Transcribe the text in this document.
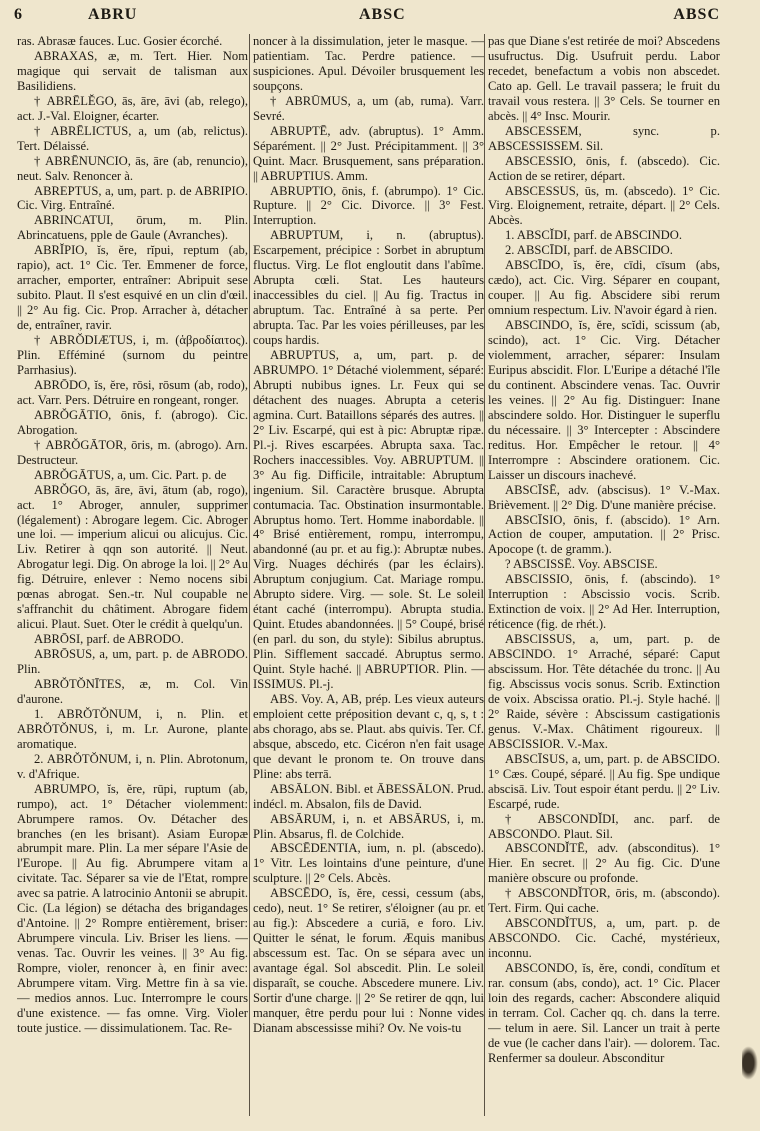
6	ABRU	ABSC	ABSC

ras. Abrasæ fauces. Luc. Gosier écorché.

ABRAXAS, æ, m. Tert. Hier. Nom magique qui servait de talisman aux Basilidiens.

† ABRĒLĔGO, ās, āre, āvi (ab, relego), act. J.-Val. Eloigner, écarter.

† ABRĒLICTUS, a, um (ab, relictus). Tert. Délaissé.

† ABRĒNUNCIO, ās, āre (ab, renuncio), neut. Salv. Renoncer à.

ABREPTUS, a, um, part. p. de ABRIPIO. Cic. Virg. Entraîné.

ABRINCATUI, ōrum, m. Plin. Abrincatuens, pple de Gaule (Avranches).

ABRĬPIO, ĭs, ĕre, rĭpui, reptum (ab, rapio), act. 1° Cic. Ter. Emmener de force, arracher, emporter, entraîner: Abripuit sese subito. Plaut. Il s'est esquivé en un clin d'œil. || 2° Au fig. Cic. Prop. Arracher à, détacher de, entraîner, ravir.

† ABRŎDIÆTUS, i, m. (ἁβροδίαιτος). Plin. Efféminé (surnom du peintre Parrhasius).

ABRŌDO, ĭs, ĕre, rōsi, rōsum (ab, rodo), act. Varr. Pers. Détruire en rongeant, ronger.

ABRŎGĀTIO, ōnis, f. (abrogo). Cic. Abrogation.

† ABRŎGĀTOR, ōris, m. (abrogo). Arn. Destructeur.

ABRŎGĀTUS, a, um. Cic. Part. p. de

ABRŎGO, ās, āre, āvi, ātum (ab, rogo), act. 1° Abroger, annuler, supprimer (légalement) : Abrogare legem. Cic. Abroger une loi. — imperium alicui ou alicujus. Cic. Liv. Retirer à qqn son autorité. || Neut. Abrogatur legi. Dig. On abroge la loi. || 2° Au fig. Détruire, enlever : Nemo nocens sibi pœnas abrogat. Sen.-tr. Nul coupable ne s'affranchit du châtiment. Abrogare fidem alicui. Plaut. Suet. Oter le crédit à quelqu'un.

ABRŌSI, parf. de ABRODO.

ABRŌSUS, a, um, part. p. de ABRODO. Plin.

ABRŎTŎNĪTES, æ, m. Col. Vin d'aurone.

1. ABRŎTŎNUM, i, n. Plin. et ABRŎTŎNUS, i, m. Lr. Aurone, plante aromatique.

2. ABRŎTŎNUM, i, n. Plin. Abrotonum, v. d'Afrique.

ABRUMPO, ĭs, ĕre, rūpi, ruptum (ab, rumpo), act. 1° Détacher violemment: Abrumpere ramos. Ov. Détacher des branches (en les brisant). Asiam Europæ abrumpit mare. Plin. La mer sépare l'Asie de l'Europe. || Au fig. Abrumpere vitam a civitate. Tac. Séparer sa vie de l'Etat, rompre avec sa patrie. A latrocinio Antonii se abrupit. Cic. (La légion) se détacha des brigandages d'Antoine. || 2° Rompre entièrement, briser: Abrumpere vincula. Liv. Briser les liens. — venas. Tac. Ouvrir les veines. || 3° Au fig. Rompre, violer, renoncer à, en finir avec: Abrumpere vitam. Virg. Mettre fin à sa vie. — medios annos. Luc. Interrompre le cours d'une existence. — fas omne. Virg. Violer toute justice. — dissimulationem. Tac. Re-

noncer à la dissimulation, jeter le masque. — patientiam. Tac. Perdre patience. — suspiciones. Apul. Dévoiler brusquement les soupçons.

† ABRŪMUS, a, um (ab, ruma). Varr. Sevré.

ABRUPTĒ, adv. (abruptus). 1° Amm. Séparément. || 2° Just. Précipitamment. || 3° Quint. Macr. Brusquement, sans préparation. || ABRUPTIUS. Amm.

ABRUPTIO, ōnis, f. (abrumpo). 1° Cic. Rupture. || 2° Cic. Divorce. || 3° Fest. Interruption.

ABRUPTUM, i, n. (abruptus). Escarpement, précipice : Sorbet in abruptum fluctus. Virg. Le flot engloutit dans l'abîme. Abrupta cœli. Stat. Les hauteurs inaccessibles du ciel. || Au fig. Tractus in abruptum. Tac. Entraîné à sa perte. Per abrupta. Tac. Par les voies périlleuses, par les coups hardis.

ABRUPTUS, a, um, part. p. de ABRUMPO. 1° Détaché violemment, séparé: Abrupti nubibus ignes. Lr. Feux qui se détachent des nuages. Abrupta a ceteris agmina. Curt. Bataillons séparés des autres. || 2° Liv. Escarpé, qui est à pic: Abruptæ ripæ. Pl.-j. Rives escarpées. Abrupta saxa. Tac. Rochers inaccessibles. Voy. ABRUPTUM. || 3° Au fig. Difficile, intraitable: Abruptum ingenium. Sil. Caractère brusque. Abrupta contumacia. Tac. Obstination insurmontable. Abruptus homo. Tert. Homme inabordable. || 4° Brisé entièrement, rompu, interrompu, abandonné (au pr. et au fig.): Abruptæ nubes. Virg. Nuages déchirés (par les éclairs). Abruptum conjugium. Cat. Mariage rompu. Abrupto sidere. Virg. — sole. St. Le soleil étant caché (interrompu). Abrupta studia. Quint. Etudes abandonnées. || 5° Coupé, brisé (en parl. du son, du style): Sibilus abruptus. Plin. Sifflement saccadé. Abruptus sermo. Quint. Style haché. || ABRUPTIOR. Plin. — ISSIMUS. Pl.-j.

ABS. Voy. A, AB, prép. Les vieux auteurs emploient cette préposition devant c, q, s, t : abs chorago, abs se. Plaut. abs quivis. Ter. Cf. absque, abscedo, etc. Cicéron n'en fait usage que devant le pronom te. On trouve dans Pline: abs terrā.

ABSĀLON. Bibl. et ĀBESSĀLON. Prud. indécl. m. Absalon, fils de David.

ABSĀRUM, i, n. et ABSĀRUS, i, m. Plin. Absarus, fl. de Colchide.

ABSCĒDENTIA, ium, n. pl. (abscedo). 1° Vitr. Les lointains d'une peinture, d'une sculpture. || 2° Cels. Abcès.

ABSCĒDO, ĭs, ĕre, cessi, cessum (abs, cedo), neut. 1° Se retirer, s'éloigner (au pr. et au fig.): Abscedere a curiā, e foro. Liv. Quitter le sénat, le forum. Æquis manibus abscessum est. Tac. On se sépara avec un avantage égal. Sol abscedit. Plin. Le soleil disparaît, se couche. Abscedere munere. Liv. Sortir d'une charge. || 2° Se retirer de qqn, lui manquer, être perdu pour lui : Nonne vides Dianam abscessisse mihi? Ov. Ne vois-tu

pas que Diane s'est retirée de moi? Abscedens usufructus. Dig. Usufruit perdu. Labor recedet, benefactum a vobis non abscedet. Cato ap. Gell. Le travail passera; le fruit du travail vous restera. || 3° Cels. Se tourner en abcès. || 4° Insc. Mourir.

ABSCESSEM, sync. p. ABSCESSISSEM. Sil.

ABSCESSIO, ōnis, f. (abscedo). Cic. Action de se retirer, départ.

ABSCESSUS, ūs, m. (abscedo). 1° Cic. Virg. Eloignement, retraite, départ. || 2° Cels. Abcès.

1. ABSCĬDI, parf. de ABSCINDO.

2. ABSCĪDI, parf. de ABSCIDO.

ABSCĪDO, ĭs, ĕre, cīdi, cīsum (abs, cædo), act. Cic. Virg. Séparer en coupant, couper. || Au fig. Abscidere sibi rerum omnium respectum. Liv. N'avoir égard à rien.

ABSCINDO, ĭs, ĕre, scĭdi, scissum (ab, scindo), act. 1° Cic. Virg. Détacher violemment, arracher, séparer: Insulam Euripus abscidit. Flor. L'Euripe a détaché l'île du continent. Abscindere venas. Tac. Ouvrir les veines. || 2° Au fig. Distinguer: Inane abscindere soldo. Hor. Distinguer le superflu du nécessaire. || 3° Intercepter : Abscindere reditus. Hor. Empêcher le retour. || 4° Interrompre : Abscindere orationem. Cic. Laisser un discours inachevé.

ABSCĪSĒ, adv. (abscisus). 1° V.-Max. Brièvement. || 2° Dig. D'une manière précise.

ABSCĪSIO, ōnis, f. (abscido). 1° Arn. Action de couper, amputation. || 2° Prisc. Apocope (t. de gramm.).

? ABSCISSĒ. Voy. ABSCISE.

ABSCISSIO, ōnis, f. (abscindo). 1° Interruption : Abscissio vocis. Scrib. Extinction de voix. || 2° Ad Her. Interruption, réticence (fig. de rhét.).

ABSCISSUS, a, um, part. p. de ABSCINDO. 1° Arraché, séparé: Caput abscissum. Hor. Tête détachée du tronc. || Au fig. Abscissus vocis sonus. Scrib. Extinction de voix. Abscissa oratio. Pl.-j. Style haché. || 2° Raide, sévère : Abscissum castigationis genus. V.-Max. Châtiment rigoureux. || ABSCISSIOR. V.-Max.

ABSCĪSUS, a, um, part. p. de ABSCIDO. 1° Cæs. Coupé, séparé. || Au fig. Spe undique abscisā. Liv. Tout espoir étant perdu. || 2° Liv. Escarpé, rude.

† ABSCONDĬDI, anc. parf. de ABSCONDO. Plaut. Sil.

ABSCONDĬTĒ, adv. (absconditus). 1° Hier. En secret. || 2° Au fig. Cic. D'une manière obscure ou profonde.

† ABSCONDĬTOR, ōris, m. (abscondo). Tert. Firm. Qui cache.

ABSCONDĬTUS, a, um, part. p. de ABSCONDO. Cic. Caché, mystérieux, inconnu.

ABSCONDO, ĭs, ĕre, condi, condĭtum et rar. consum (abs, condo), act. 1° Cic. Placer loin des regards, cacher: Abscondere aliquid in terram. Col. Cacher qq. ch. dans la terre. — telum in aere. Sil. Lancer un trait à perte de vue (le cacher dans l'air). — dolorem. Tac. Renfermer sa douleur. Absconditur
